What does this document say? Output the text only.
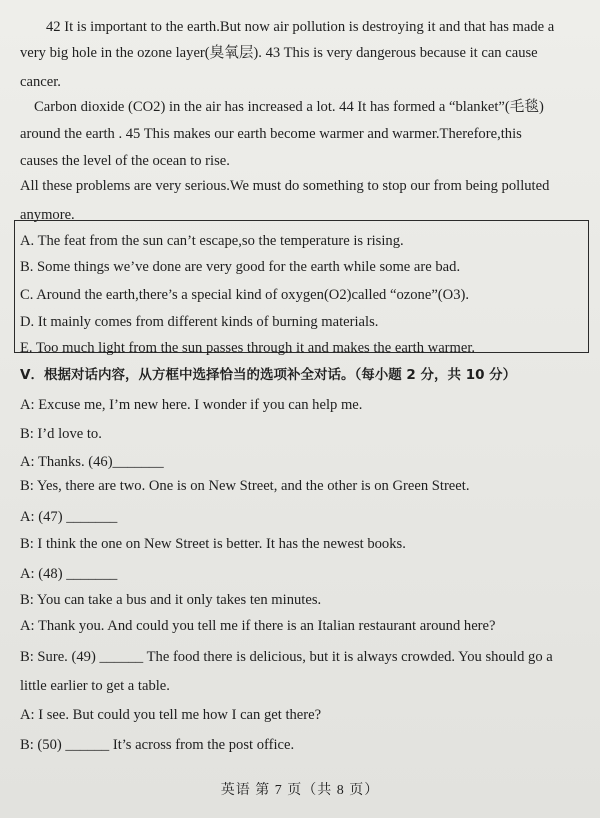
42 It is important to the earth.But now air pollution is destroying it and that has made a
very big hole in the ozone layer(臭氧层). 43 This is very dangerous because it can cause
cancer.
Carbon dioxide (CO2) in the air has increased a lot. 44 It has formed a “blanket”(毛毯)
around the earth . 45 This makes our earth become warmer and warmer.Therefore,this
causes the level of the ocean to rise.
All these problems are very serious.We must do something to stop our from being polluted
anymore.
A. The feat from the sun can’t escape,so the temperature is rising.
B. Some things we’ve done are very good for the earth while some are bad.
C. Around the earth,there’s a special kind of oxygen(O2)called “ozone”(O3).
D. It mainly comes from different kinds of burning materials.
E. Too much light from the sun passes through it and makes the earth warmer.
V．根据对话内容，从方框中选择恰当的选项补全对话。（每小题 2 分，共 10 分）
A: Excuse me, I’m new here. I wonder if you can help me.
B: I’d love to.
A: Thanks. (46)_______
B: Yes, there are two. One is on New Street, and the other is on Green Street.
A: (47) _______
B: I think the one on New Street is better. It has the newest books.
A: (48) _______
B: You can take a bus and it only takes ten minutes.
A: Thank you. And could you tell me if there is an Italian restaurant around here?
B: Sure. (49) ______ The food there is delicious, but it is always crowded. You should go a
little earlier to get a table.
A: I see. But could you tell me how I can get there?
B: (50) ______ It’s across from the post office.
英语 第 7 页（共 8 页）
